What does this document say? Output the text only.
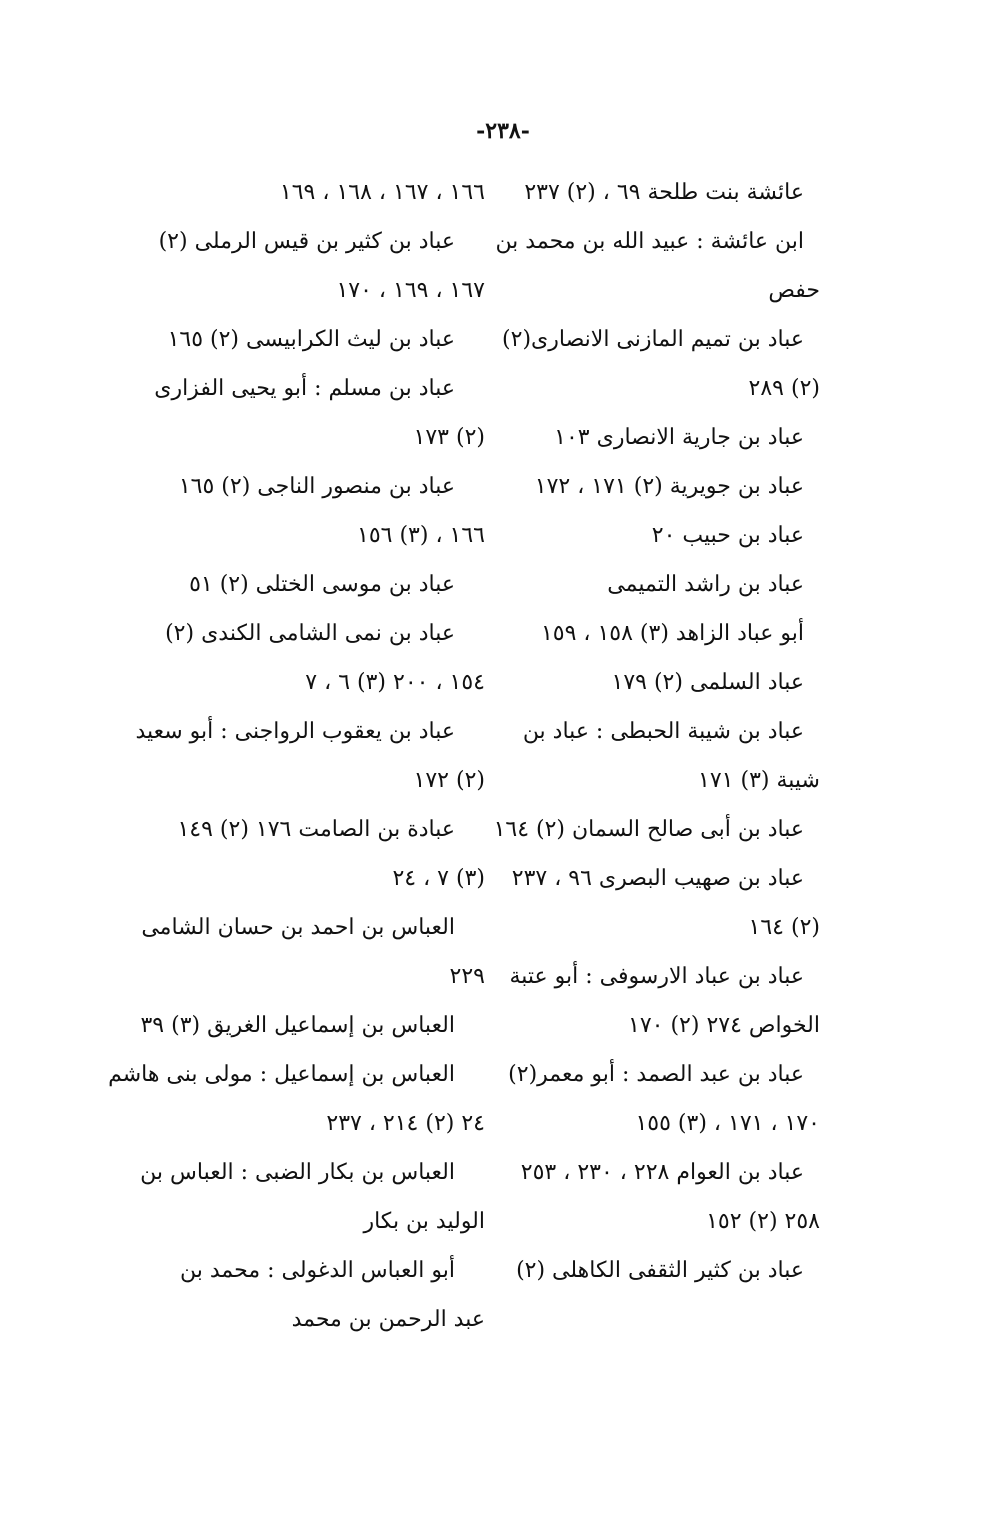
-٢٣٨-
عائشة بنت طلحة ٦٩ ، (٢) ٢٣٧
ابن عائشة : عبيد الله بن محمد بن
حفص
عباد بن تميم المازنى الانصارى(٢)
(٢) ٢٨٩
عباد بن جارية الانصارى ١٠٣
عباد بن جويرية (٢) ١٧١ ، ١٧٢
عباد بن حبيب ٢٠
عباد بن راشد التميمى
أبو عباد الزاهد (٣) ١٥٨ ، ١٥٩
عباد السلمى (٢) ١٧٩
عباد بن شيبة الحبطى : عباد بن
شيبة (٣) ١٧١
عباد بن أبى صالح السمان (٢) ١٦٤
عباد بن صهيب البصرى ٩٦ ، ٢٣٧
(٢) ١٦٤
عباد بن عباد الارسوفى : أبو عتبة
الخواص ٢٧٤ (٢) ١٧٠
عباد بن عبد الصمد : أبو معمر(٢)
١٧٠ ، ١٧١ ، (٣) ١٥٥
عباد بن العوام ٢٢٨ ، ٢٣٠ ، ٢٥٣
٢٥٨ (٢) ١٥٢
عباد بن كثير الثقفى الكاهلى (٢)
١٦٦ ، ١٦٧ ، ١٦٨ ، ١٦٩
عباد بن كثير بن قيس الرملى (٢)
١٦٧ ، ١٦٩ ، ١٧٠
عباد بن ليث الكرابيسى (٢) ١٦٥
عباد بن مسلم : أبو يحيى الفزارى
(٢) ١٧٣
عباد بن منصور الناجى (٢) ١٦٥
١٦٦ ، (٣) ١٥٦
عباد بن موسى الختلى (٢) ٥١
عباد بن نمى الشامى الكندى (٢)
١٥٤ ، ٢٠٠ (٣) ٦ ، ٧
عباد بن يعقوب الرواجنى : أبو سعيد
(٢) ١٧٢
عبادة بن الصامت ١٧٦ (٢) ١٤٩
(٣) ٧ ، ٢٤
العباس بن احمد بن حسان الشامى
٢٢٩
العباس بن إسماعيل الغريق (٣) ٣٩
العباس بن إسماعيل : مولى بنى هاشم
٢٤ (٢) ٢١٤ ، ٢٣٧
العباس بن بكار الضبى : العباس بن
الوليد بن بكار
أبو العباس الدغولى : محمد بن
عبد الرحمن بن محمد
